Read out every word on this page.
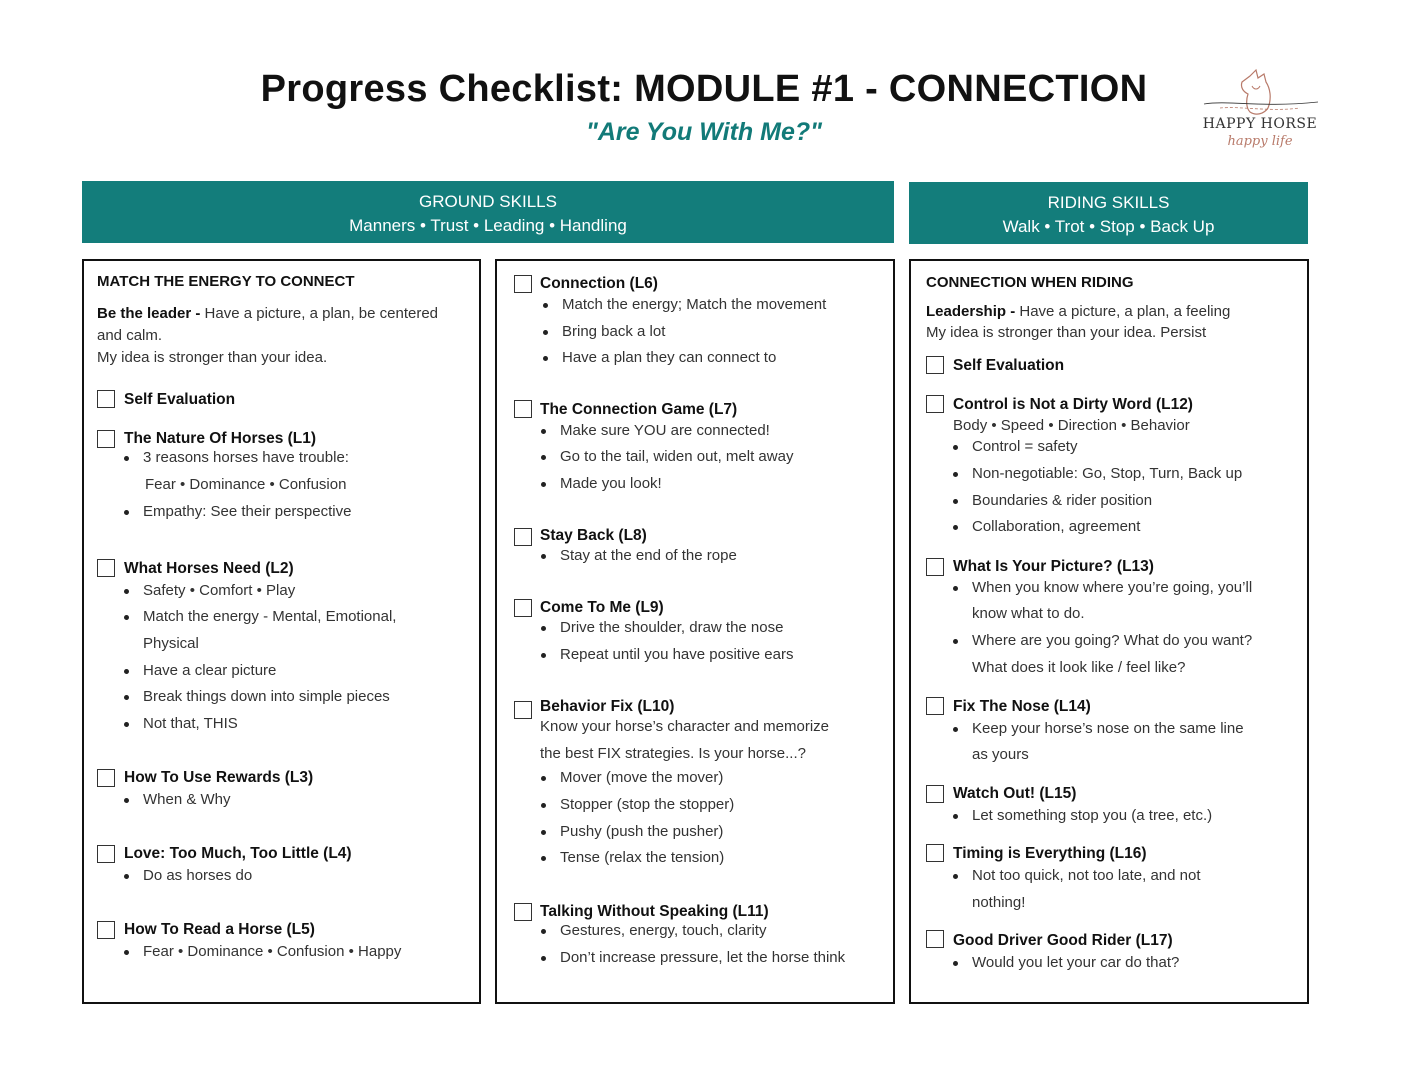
Progress Checklist: MODULE #1 - CONNECTION
"Are You With Me?"	HAPPY HORSE
happy life
GROUND SKILLS
Manners • Trust • Leading • Handling
RIDING SKILLS
Walk • Trot • Stop • Back Up
MATCH THE ENERGY TO CONNECT
Be the leader - Have a picture, a plan, be centered
and calm.
My idea is stronger than your idea.
Self Evaluation
The Nature Of Horses (L1)
3 reasons horses have trouble:
Fear • Dominance • Confusion
Empathy: See their perspective
What Horses Need (L2)
Safety • Comfort • Play
Match the energy - Mental, Emotional,
Physical
Have a clear picture
Break things down into simple pieces
Not that, THIS
How To Use Rewards (L3)
When & Why
Love: Too Much, Too Little (L4)
Do as horses do
How To Read a Horse (L5)
Fear • Dominance • Confusion • Happy
Connection (L6)
Match the energy; Match the movement
Bring back a lot
Have a plan they can connect to
The Connection Game (L7)
Make sure YOU are connected!
Go to the tail, widen out, melt away
Made you look!
Stay Back (L8)
Stay at the end of the rope
Come To Me (L9)
Drive the shoulder, draw the nose
Repeat until you have positive ears
Behavior Fix (L10)
Know your horse’s character and memorize
the best FIX strategies. Is your horse...?
Mover (move the mover)
Stopper (stop the stopper)
Pushy (push the pusher)
Tense (relax the tension)
Talking Without Speaking (L11)
Gestures, energy, touch, clarity
Don’t increase pressure, let the horse think
CONNECTION WHEN RIDING
Leadership - Have a picture, a plan, a feeling
My idea is stronger than your idea. Persist
Self Evaluation
Control is Not a Dirty Word (L12)
Body • Speed • Direction • Behavior
Control = safety
Non-negotiable: Go, Stop, Turn, Back up
Boundaries & rider position
Collaboration, agreement
What Is Your Picture? (L13)
When you know where you’re going, you’ll
know what to do.
Where are you going? What do you want?
What does it look like / feel like?
Fix The Nose (L14)
Keep your horse’s nose on the same line
as yours
Watch Out! (L15)
Let something stop you (a tree, etc.)
Timing is Everything (L16)
Not too quick, not too late, and not
nothing!
Good Driver Good Rider (L17)
Would you let your car do that?
